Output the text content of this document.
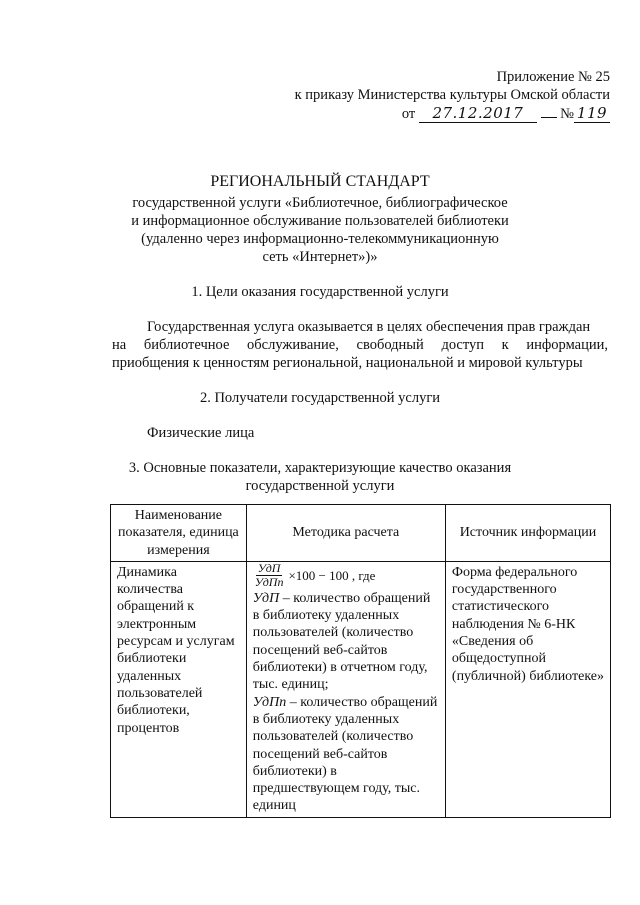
Приложение № 25
к приказу Министерства культуры Омской области
от 27.12.2017	№ 119
РЕГИОНАЛЬНЫЙ СТАНДАРТ
государственной услуги «Библиотечное, библиографическое
и информационное обслуживание пользователей библиотеки
(удаленно через информационно-телекоммуникационную
сеть «Интернет»)»
1. Цели оказания государственной услуги
Государственная услуга оказывается в целях обеспечения прав граждан
на библиотечное обслуживание, свободный доступ к информации,
приобщения к ценностям региональной, национальной и мировой культуры
2. Получатели государственной услуги
Физические лица
3. Основные показатели, характеризующие качество оказания
государственной услуги
Наименование показателя, единица измерения	Методика расчета	Источник информации
Динамика количества обращений к электронным ресурсам и услугам библиотеки удаленных пользователей библиотеки, процентов	$\frac{\text{УдП}}{\text{УдПп}} \times 100 - 100$ , где
УдП – количество обращений в библиотеку удаленных пользователей (количество посещений веб-сайтов библиотеки) в отчетном году, тыс. единиц;
УдПп – количество обращений в библиотеку удаленных пользователей (количество посещений веб-сайтов библиотеки) в предшествующем году, тыс. единиц	Форма федерального государственного статистического наблюдения № 6-НК «Сведения об общедоступной (публичной) библиотеке»
